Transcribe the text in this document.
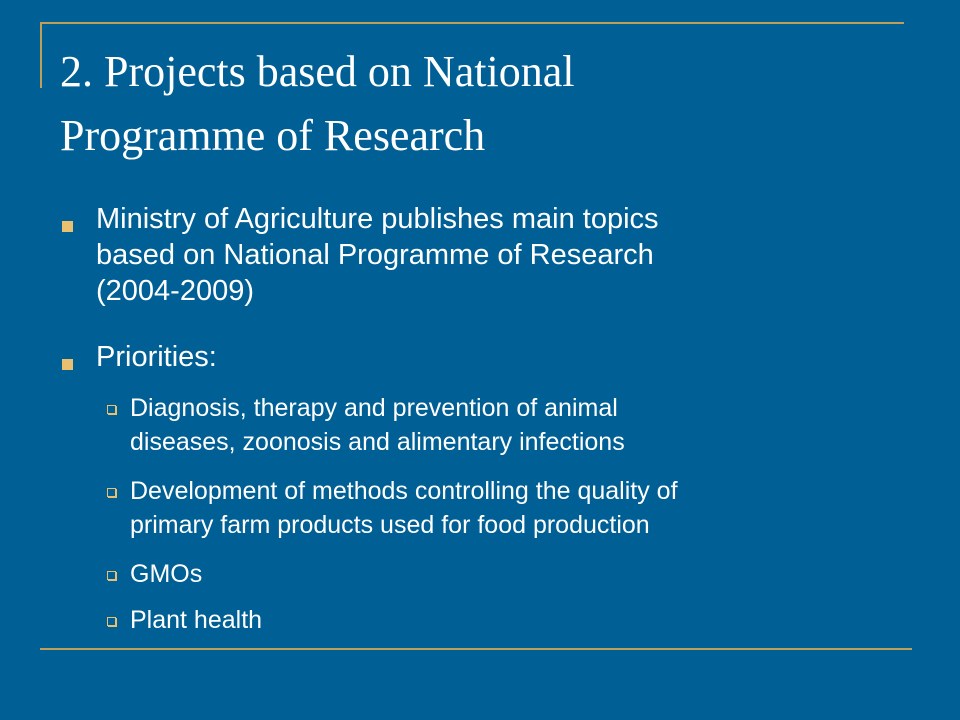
2. Projects based on National
Programme of Research
Ministry of Agriculture publishes main topics
based on National Programme of Research
(2004-2009)
Priorities:
Diagnosis, therapy and prevention of animal
diseases, zoonosis and alimentary infections
Development of methods controlling the quality of
primary farm products used for food production
GMOs
Plant health
